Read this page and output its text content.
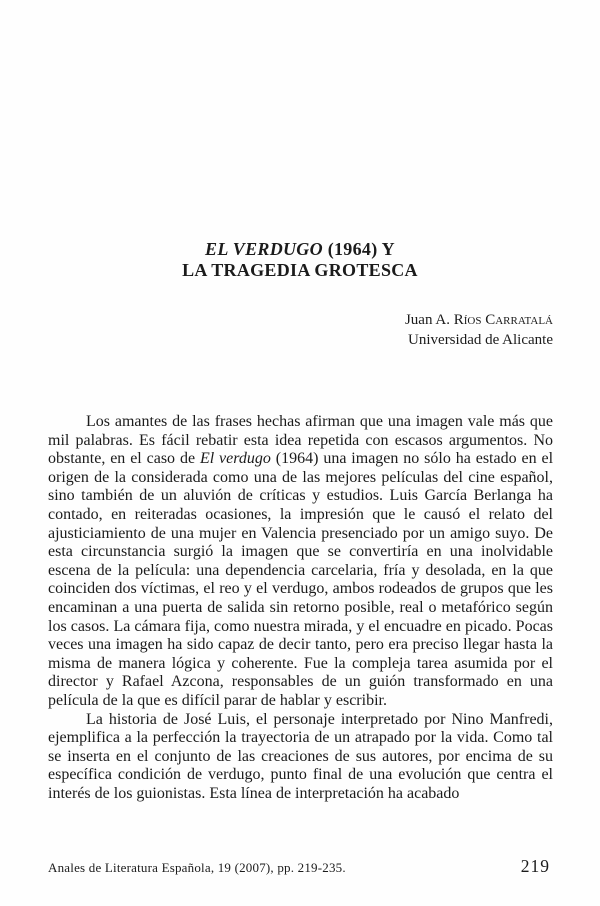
EL VERDUGO (1964) Y
LA TRAGEDIA GROTESCA
Juan A. Ríos Carratalá
Universidad de Alicante

Los amantes de las frases hechas afirman que una imagen vale más que mil palabras. Es fácil rebatir esta idea repetida con escasos argumentos. No obstante, en el caso de El verdugo (1964) una imagen no sólo ha estado en el origen de la considerada como una de las mejores películas del cine español, sino también de un aluvión de críticas y estudios. Luis García Berlanga ha contado, en reiteradas ocasiones, la impresión que le causó el relato del ajusticiamiento de una mujer en Valencia presenciado por un amigo suyo. De esta circunstancia surgió la imagen que se convertiría en una inolvidable escena de la película: una dependencia carcelaria, fría y desolada, en la que coinciden dos víctimas, el reo y el verdugo, ambos rodeados de grupos que les encaminan a una puerta de salida sin retorno posible, real o metafórico según los casos. La cámara fija, como nuestra mirada, y el encuadre en picado. Pocas veces una imagen ha sido capaz de decir tanto, pero era preciso llegar hasta la misma de manera lógica y coherente. Fue la compleja tarea asumida por el director y Rafael Azcona, responsables de un guión transformado en una película de la que es difícil parar de hablar y escribir.

La historia de José Luis, el personaje interpretado por Nino Manfredi, ejemplifica a la perfección la trayectoria de un atrapado por la vida. Como tal se inserta en el conjunto de las creaciones de sus autores, por encima de su específica condición de verdugo, punto final de una evolución que centra el interés de los guionistas. Esta línea de interpretación ha acabado

Anales de Literatura Española, 19 (2007), pp. 219-235.	219
